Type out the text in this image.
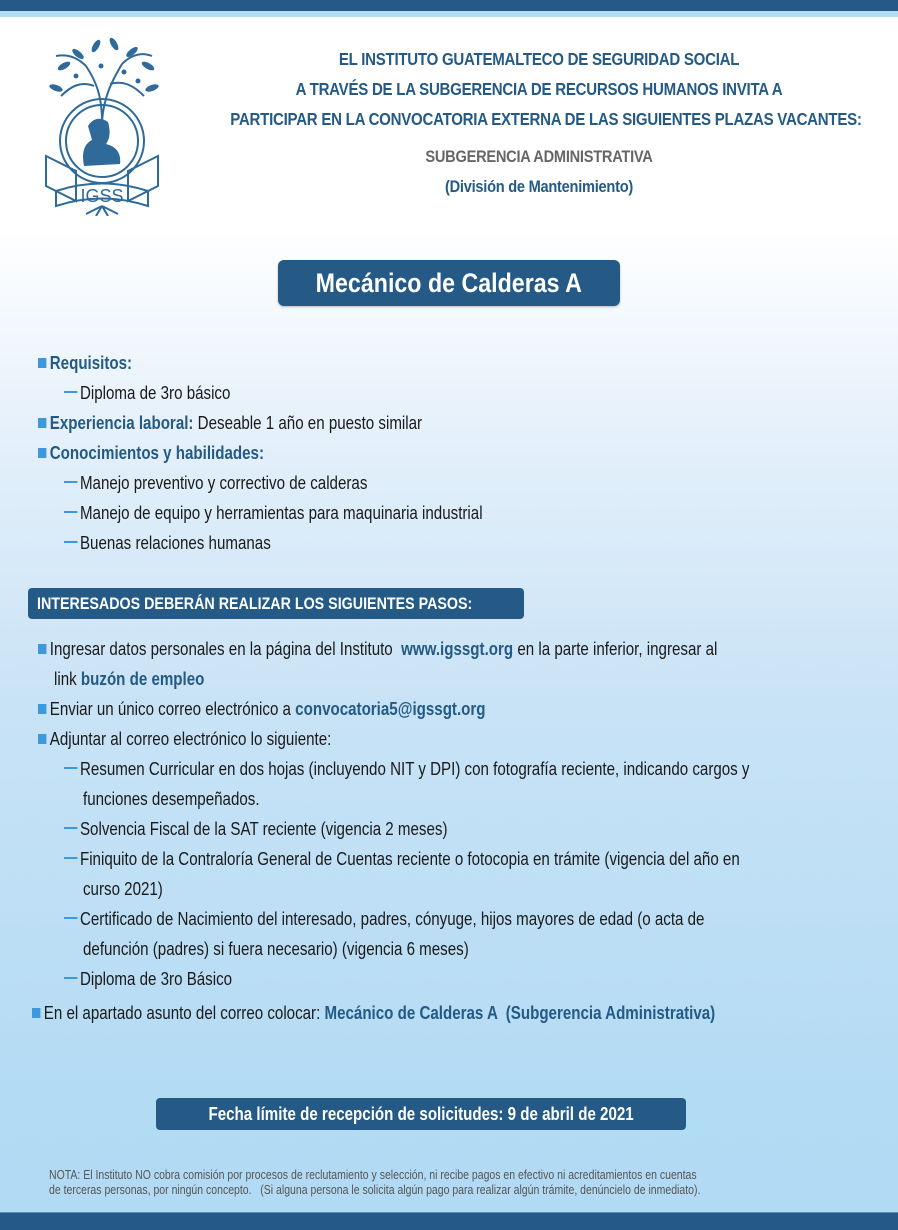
IGSS
EL INSTITUTO GUATEMALTECO DE SEGURIDAD SOCIAL
A TRAVÉS DE LA SUBGERENCIA DE RECURSOS HUMANOS INVITA A
PARTICIPAR EN LA CONVOCATORIA EXTERNA DE LAS SIGUIENTES PLAZAS VACANTES:
SUBGERENCIA ADMINISTRATIVA
(División de Mantenimiento)
Mecánico de Calderas A
Requisitos:
Diploma de 3ro básico
Experiencia laboral: Deseable 1 año en puesto similar
Conocimientos y habilidades:
Manejo preventivo y correctivo de calderas
Manejo de equipo y herramientas para maquinaria industrial
Buenas relaciones humanas
INTERESADOS DEBERÁN REALIZAR LOS SIGUIENTES PASOS:
Ingresar datos personales en la página del Instituto www.igssgt.org en la parte inferior, ingresar al
link buzón de empleo
Enviar un único correo electrónico a convocatoria5@igssgt.org
Adjuntar al correo electrónico lo siguiente:
Resumen Curricular en dos hojas (incluyendo NIT y DPI) con fotografía reciente, indicando cargos y
funciones desempeñados.
Solvencia Fiscal de la SAT reciente (vigencia 2 meses)
Finiquito de la Contraloría General de Cuentas reciente o fotocopia en trámite (vigencia del año en
curso 2021)
Certificado de Nacimiento del interesado, padres, cónyuge, hijos mayores de edad (o acta de
defunción (padres) si fuera necesario) (vigencia 6 meses)
Diploma de 3ro Básico
En el apartado asunto del correo colocar: Mecánico de Calderas A  (Subgerencia Administrativa)
Fecha límite de recepción de solicitudes: 9 de abril de 2021
NOTA: El Instituto NO cobra comisión por procesos de reclutamiento y selección, ni recibe pagos en efectivo ni acreditamientos en cuentas
de terceras personas, por ningún concepto.   (Si alguna persona le solicita algún pago para realizar algún trámite, denúncielo de inmediato).
